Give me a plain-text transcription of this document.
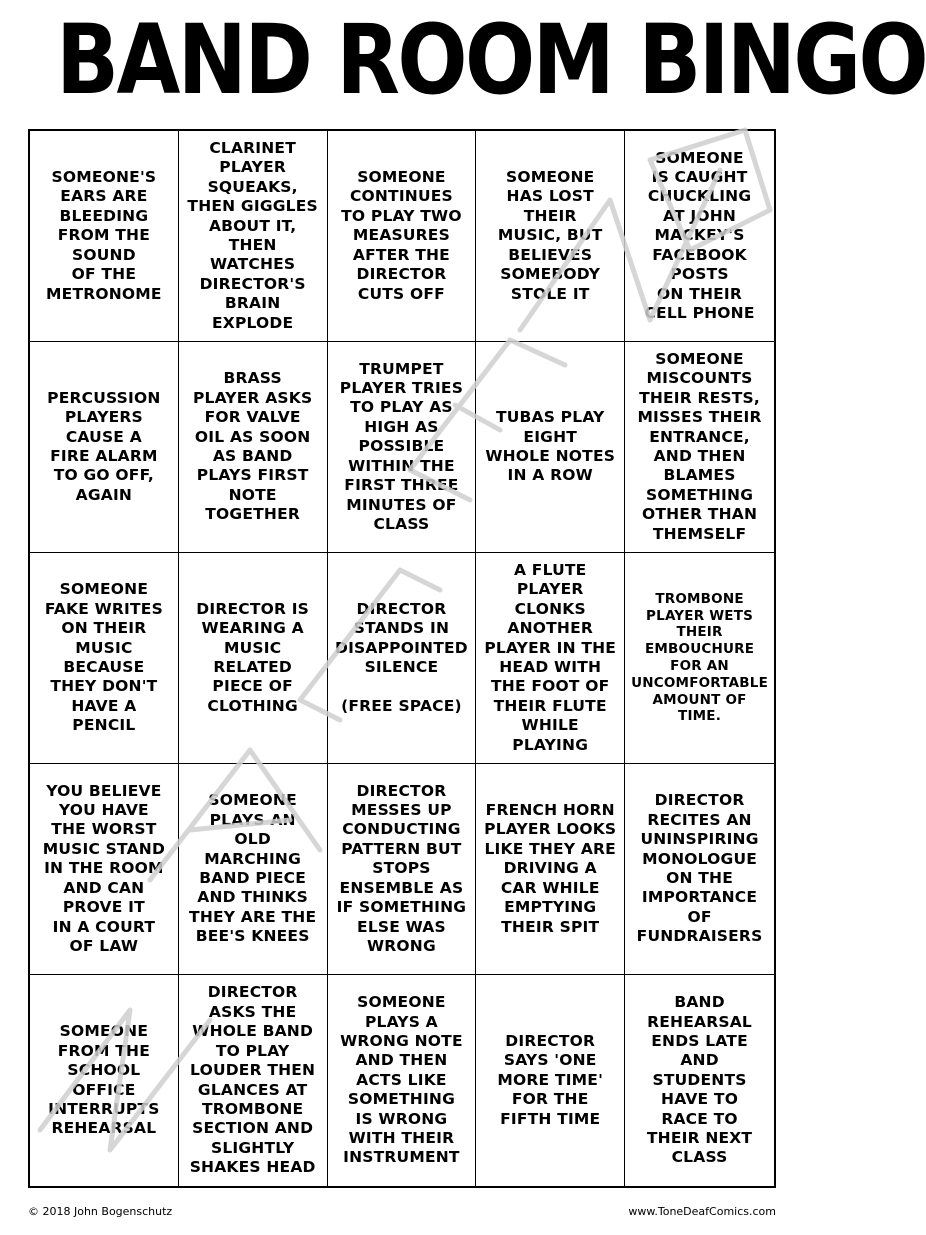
BAND ROOM BINGO
SOMEONE'S
EARS ARE
BLEEDING
FROM THE
SOUND
OF THE
METRONOME
CLARINET
PLAYER
SQUEAKS,
THEN GIGGLES
ABOUT IT,
THEN
WATCHES
DIRECTOR'S
BRAIN
EXPLODE
SOMEONE
CONTINUES
TO PLAY TWO
MEASURES
AFTER THE
DIRECTOR
CUTS OFF
SOMEONE
HAS LOST
THEIR
MUSIC, BUT
BELIEVES
SOMEBODY
STOLE IT
SOMEONE
IS CAUGHT
CHUCKLING
AT JOHN
MACKEY'S
FACEBOOK
POSTS
ON THEIR
CELL PHONE
PERCUSSION
PLAYERS
CAUSE A
FIRE ALARM
TO GO OFF,
AGAIN
BRASS
PLAYER ASKS
FOR VALVE
OIL AS SOON
AS BAND
PLAYS FIRST
NOTE
TOGETHER
TRUMPET
PLAYER TRIES
TO PLAY AS
HIGH AS
POSSIBLE
WITHIN THE
FIRST THREE
MINUTES OF
CLASS
TUBAS PLAY
EIGHT
WHOLE NOTES
IN A ROW
SOMEONE
MISCOUNTS
THEIR RESTS,
MISSES THEIR
ENTRANCE,
AND THEN
BLAMES
SOMETHING
OTHER THAN
THEMSELF
SOMEONE
FAKE WRITES
ON THEIR
MUSIC
BECAUSE
THEY DON'T
HAVE A
PENCIL
DIRECTOR IS
WEARING A
MUSIC
RELATED
PIECE OF
CLOTHING
DIRECTOR
STANDS IN
DISAPPOINTED
SILENCE

(FREE SPACE)
A FLUTE
PLAYER
CLONKS
ANOTHER
PLAYER IN THE
HEAD WITH
THE FOOT OF
THEIR FLUTE
WHILE
PLAYING
TROMBONE
PLAYER WETS
THEIR
EMBOUCHURE
FOR AN
UNCOMFORTABLE
AMOUNT OF
TIME.
YOU BELIEVE
YOU HAVE
THE WORST
MUSIC STAND
IN THE ROOM
AND CAN
PROVE IT
IN A COURT
OF LAW
SOMEONE
PLAYS AN
OLD
MARCHING
BAND PIECE
AND THINKS
THEY ARE THE
BEE'S KNEES
DIRECTOR
MESSES UP
CONDUCTING
PATTERN BUT
STOPS
ENSEMBLE AS
IF SOMETHING
ELSE WAS
WRONG
FRENCH HORN
PLAYER LOOKS
LIKE THEY ARE
DRIVING A
CAR WHILE
EMPTYING
THEIR SPIT
DIRECTOR
RECITES AN
UNINSPIRING
MONOLOGUE
ON THE
IMPORTANCE
OF
FUNDRAISERS
SOMEONE
FROM THE
SCHOOL
OFFICE
INTERRUPTS
REHEARSAL
DIRECTOR
ASKS THE
WHOLE BAND
TO PLAY
LOUDER THEN
GLANCES AT
TROMBONE
SECTION AND
SLIGHTLY
SHAKES HEAD
SOMEONE
PLAYS A
WRONG NOTE
AND THEN
ACTS LIKE
SOMETHING
IS WRONG
WITH THEIR
INSTRUMENT
DIRECTOR
SAYS 'ONE
MORE TIME'
FOR THE
FIFTH TIME
BAND
REHEARSAL
ENDS LATE
AND
STUDENTS
HAVE TO
RACE TO
THEIR NEXT
CLASS
© 2018 John Bogenschutz	www.ToneDeafComics.com
